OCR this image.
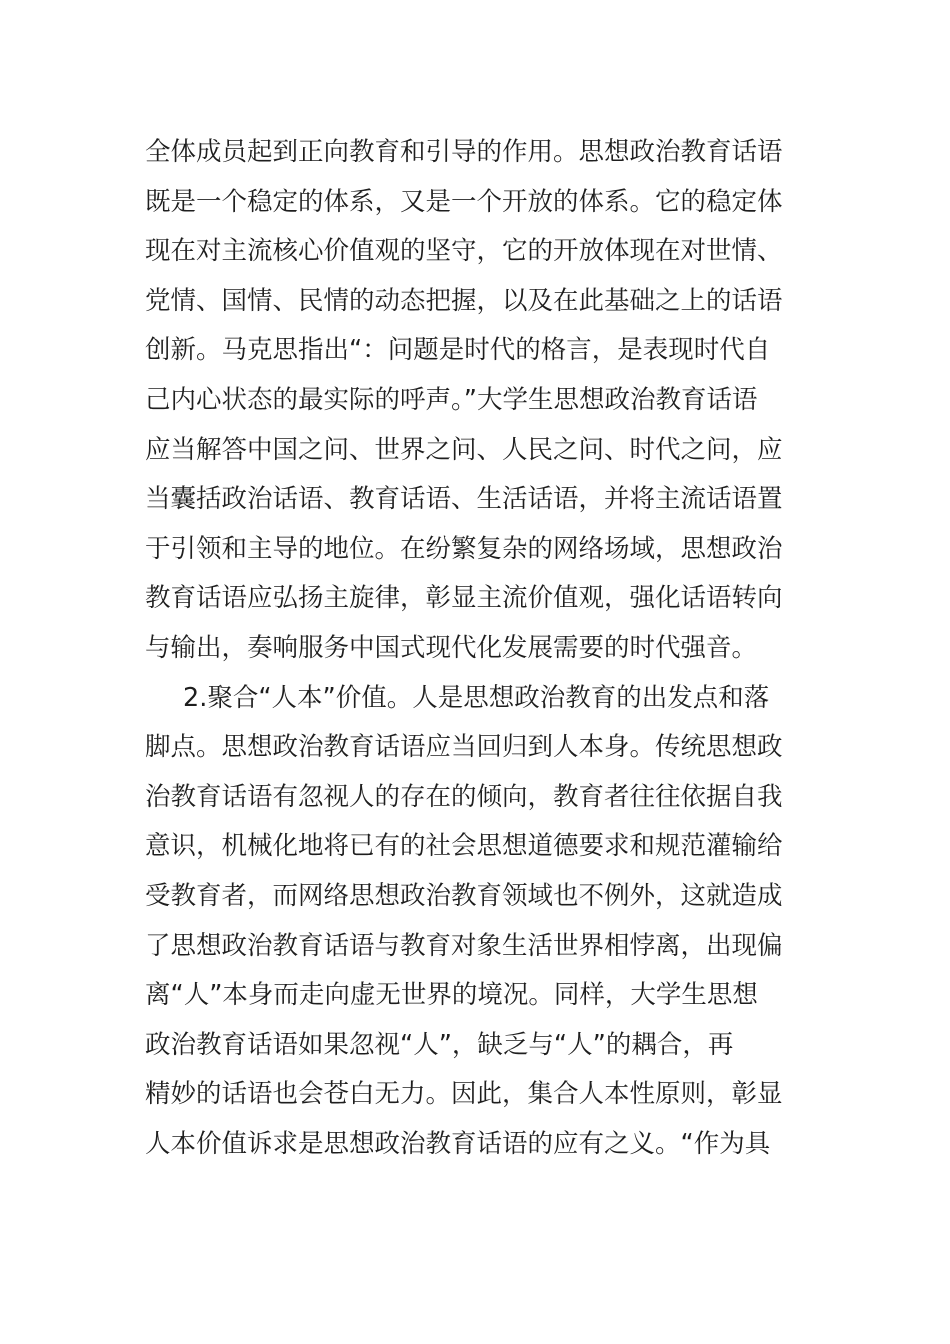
全体成员起到正向教育和引导的作用。思想政治教育话语
既是一个稳定的体系，又是一个开放的体系。它的稳定体
现在对主流核心价值观的坚守，它的开放体现在对世情、
党情、国情、民情的动态把握，以及在此基础之上的话语
创新。马克思指出“：问题是时代的格言，是表现时代自
己内心状态的最实际的呼声。”大学生思想政治教育话语
应当解答中国之问、世界之问、人民之问、时代之问，应
当囊括政治话语、教育话语、生活话语，并将主流话语置
于引领和主导的地位。在纷繁复杂的网络场域，思想政治
教育话语应弘扬主旋律，彰显主流价值观，强化话语转向
与输出，奏响服务中国式现代化发展需要的时代强音。
2.聚合“人本”价值。人是思想政治教育的出发点和落
脚点。思想政治教育话语应当回归到人本身。传统思想政
治教育话语有忽视人的存在的倾向，教育者往往依据自我
意识，机械化地将已有的社会思想道德要求和规范灌输给
受教育者，而网络思想政治教育领域也不例外，这就造成
了思想政治教育话语与教育对象生活世界相悖离，出现偏
离“人”本身而走向虚无世界的境况。同样，大学生思想
政治教育话语如果忽视“人”，缺乏与“人”的耦合，再
精妙的话语也会苍白无力。因此，集合人本性原则，彰显
人本价值诉求是思想政治教育话语的应有之义。“作为具
